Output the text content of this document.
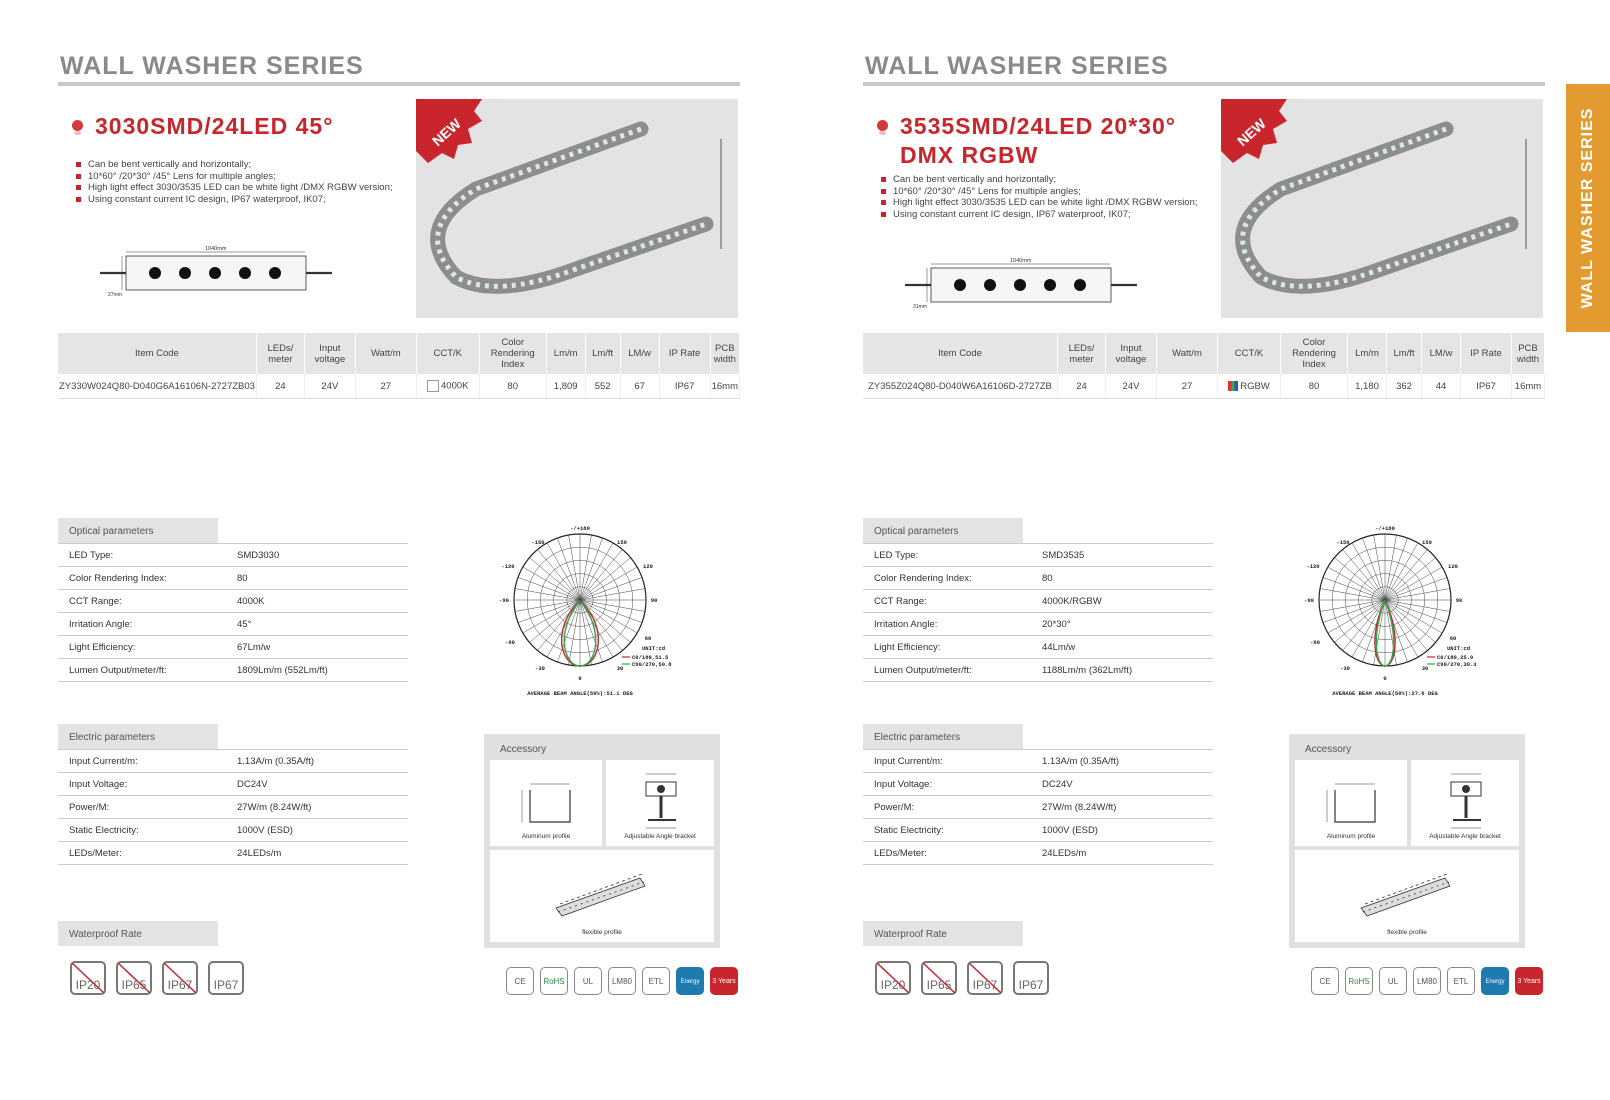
WALL WASHER SERIES
3030SMD/24LED 45°
Can be bent vertically and horizontally;
10*60° /20*30° /45° Lens for multiple angles;
High light effect 3030/3535 LED can be white light /DMX RGBW version;
Using constant current IC design, IP67 waterproof, IK07;
1040mm
27mm
NEW
Item Code	LEDs/ meter	Input voltage	Watt/m	CCT/K	Color Rendering Index	Lm/m	Lm/ft	LM/w	IP Rate	PCB width
ZY330W024Q80-D040G6A16106N-2727ZB03	24	24V	27	4000K	80	1,809	552	67	IP67	16mm
Optical parameters
LED Type:	SMD3030
Color Rendering Index:	80
CCT Range:	4000K
Irritation Angle:	45°
Light Efficiency:	67Lm/w
Lumen Output/meter/ft:	1809Lm/m (552Lm/ft)
-/+180
-150	150
-120	120
-90	90
-60
60
-30	30
0
UNIT:cd
C0/180,51.5
C90/270,50.8
AVERAGE BEAM ANGLE(50%):51.1 DEG
Electric parameters
Input Current/m:	1.13A/m (0.35A/ft)
Input Voltage:	DC24V
Power/M:	27W/m (8.24W/ft)
Static Electricity:	1000V (ESD)
LEDs/Meter:	24LEDs/m
Accessory
Aluminum profile	Adjustable Angle bracket
flexible profile
Waterproof Rate
IP20	IP65	IP67	IP67	CE	RoHS	UL	LM80	ETL	Energy Star
3 Years
WALL WASHER SERIES
3535SMD/24LED 20*30°
DMX RGBW
Can be bent vertically and horizontally;
10*60° /20*30° /45° Lens for multiple angles;
High light effect 3030/3535 LED can be white light /DMX RGBW version;
Using constant current IC design, IP67 waterproof, IK07;
1040mm
31mm
NEW
Item Code	LEDs/ meter	Input voltage	Watt/m	CCT/K	Color Rendering Index	Lm/m	Lm/ft	LM/w	IP Rate	PCB width
ZY355Z024Q80-D040W6A16106D-2727ZB	24	24V	27	RGBW	80	1,180	362	44	IP67	16mm
Optical parameters
LED Type:	SMD3535
Color Rendering Index:	80
CCT Range:	4000K/RGBW
Irritation Angle:	20*30°
Light Efficiency:	44Lm/w
Lumen Output/meter/ft:	1188Lm/m (362Lm/ft)
-/+180
-150	150
-120	120
-90	90
-60
60
-30	30
0
UNIT:cd
C0/180,25.0
C90/270,30.3
AVERAGE BEAM ANGLE(50%):27.6 DEG
Electric parameters
Input Current/m:	1.13A/m (0.35A/ft)
Input Voltage:	DC24V
Power/M:	27W/m (8.24W/ft)
Static Electricity:	1000V (ESD)
LEDs/Meter:	24LEDs/m
Accessory
Aluminum profile	Adjustable Angle bracket
flexible profile
Waterproof Rate
IP20	IP65	IP67	IP67	CE	RoHS	UL	LM80	ETL	Energy Star
3 Years
WALL WASHER SERIES
